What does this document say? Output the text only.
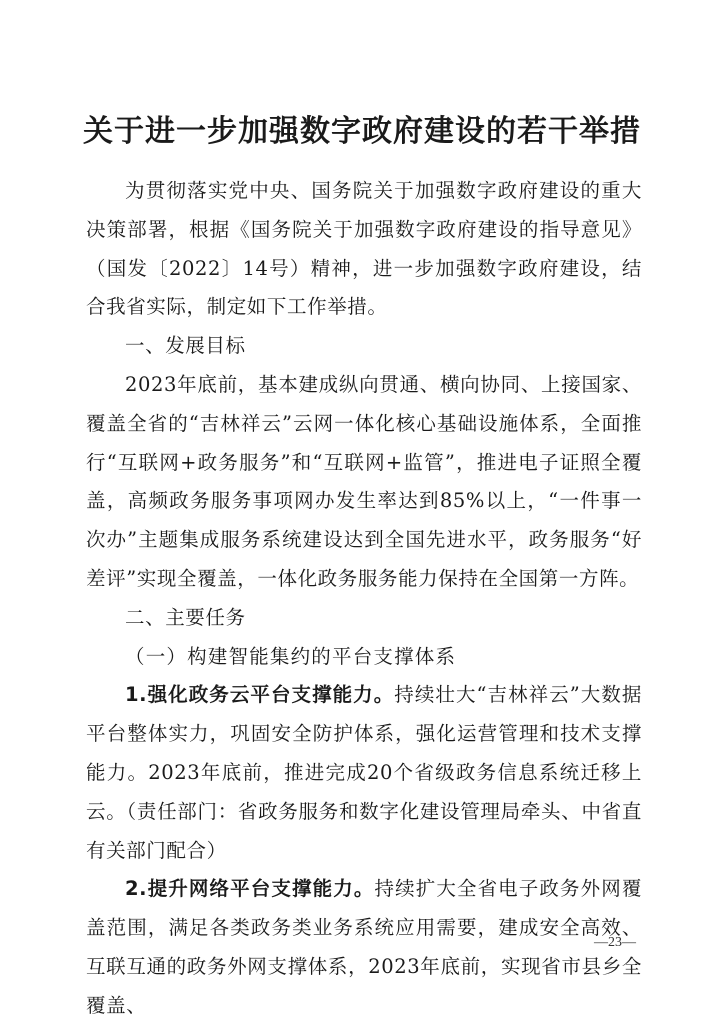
关于进一步加强数字政府建设的若干举措

为贯彻落实党中央、国务院关于加强数字政府建设的重大决策部署，根据《国务院关于加强数字政府建设的指导意见》（国发〔2022〕14号）精神，进一步加强数字政府建设，结合我省实际，制定如下工作举措。

一、发展目标

2023年底前，基本建成纵向贯通、横向协同、上接国家、覆盖全省的“吉林祥云”云网一体化核心基础设施体系，全面推行“互联网+政务服务”和“互联网+监管”，推进电子证照全覆盖，高频政务服务事项网办发生率达到85%以上，“一件事一次办”主题集成服务系统建设达到全国先进水平，政务服务“好差评”实现全覆盖，一体化政务服务能力保持在全国第一方阵。

二、主要任务

（一）构建智能集约的平台支撑体系

1.强化政务云平台支撑能力。持续壮大“吉林祥云”大数据平台整体实力，巩固安全防护体系，强化运营管理和技术支撑能力。2023年底前，推进完成20个省级政务信息系统迁移上云。（责任部门：省政务服务和数字化建设管理局牵头、中省直有关部门配合）

2.提升网络平台支撑能力。持续扩大全省电子政务外网覆盖范围，满足各类政务类业务系统应用需要，建成安全高效、互联互通的政务外网支撑体系，2023年底前，实现省市县乡全覆盖、

—23—
